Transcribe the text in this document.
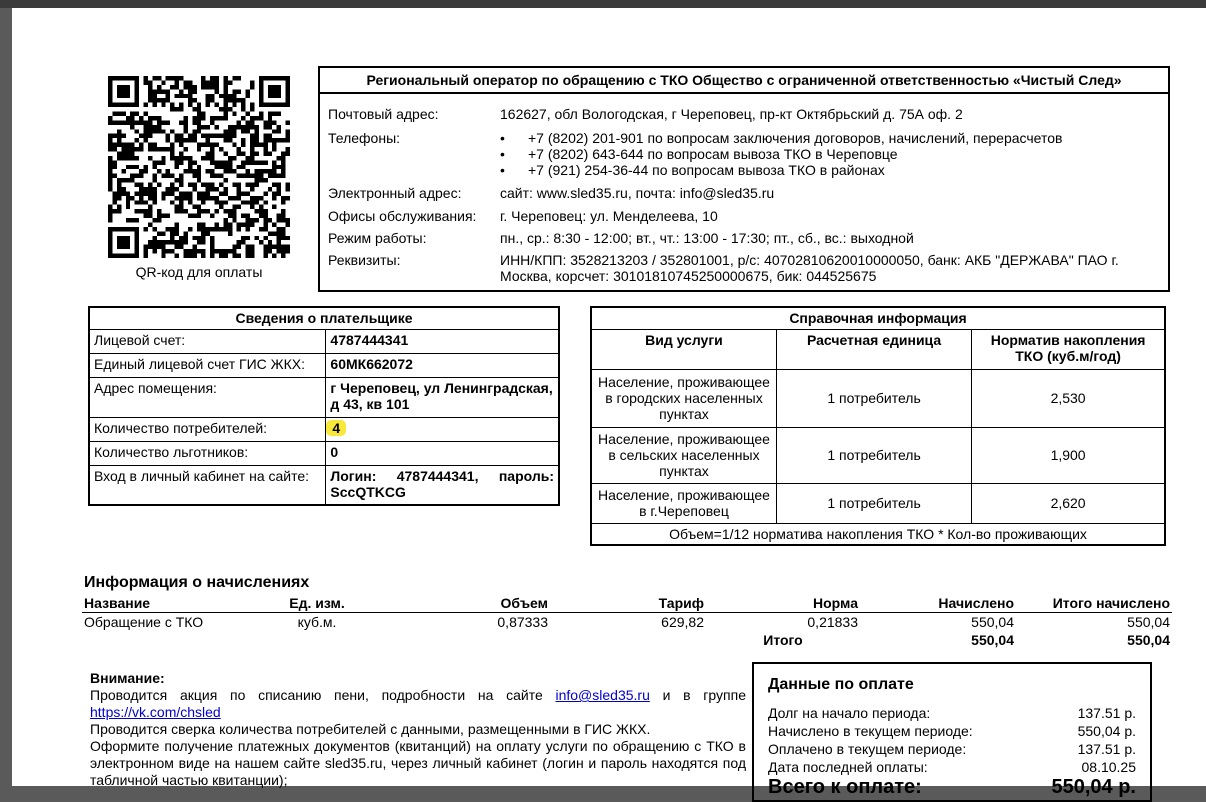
QR-код для оплаты
Региональный оператор по обращению с ТКО Общество с ограниченной ответственностью «Чистый След»
Почтовый адрес:	162627, обл Вологодская, г Череповец, пр-кт Октябрьский д. 75А оф. 2
Телефоны:	• +7 (8202) 201-901 по вопросам заключения договоров, начислений, перерасчетов
• +7 (8202) 643-644 по вопросам вывоза ТКО в Череповце
• +7 (921) 254-36-44 по вопросам вывоза ТКО в районах
Электронный адрес:	сайт: www.sled35.ru, почта: info@sled35.ru
Офисы обслуживания: г. Череповец: ул. Менделеева, 10
Режим работы:	пн., ср.: 8:30 - 12:00; вт., чт.: 13:00 - 17:30; пт., сб., вс.: выходной
Реквизиты:	ИНН/КПП: 3528213203 / 352801001, р/с: 40702810620010000050, банк: АКБ "ДЕРЖАВА" ПАО г.
Москва, корсчет: 30101810745250000675, бик: 044525675
Сведения о плательщике	
Лицевой счет:	4787444341
Единый лицевой счет ГИС ЖКХ:	60МК662072
Адрес помещения:	г Череповец, ул Ленинградская, д 43, кв 101
Количество потребителей:	4
Количество льготников:	0
Вход в личный кабинет на сайте:	Логин: 4787444341, пароль: SccQTKCG
Справочная информация		
Вид услуги	Расчетная единица	Норматив накопления ТКО (куб.м/год)
Население, проживающее в городских населенных пунктах	1 потребитель	2,530
Население, проживающее в сельских населенных пунктах	1 потребитель	1,900
Население, проживающее в г.Череповец	1 потребитель	2,620
Объем=1/12 норматива накопления ТКО * Кол-во проживающих		
Информация о начислениях
Название	Ед. изм.	Объем	Тариф	Норма	Начислено	Итого начислено
Обращение с ТКО	куб.м.	0,87333	629,82	0,21833	550,04	550,04
				Итого	550,04	550,04
Внимание:
Проводится акция по списанию пени, подробности на сайте info@sled35.ru и в группе https://vk.com/chsled
Проводится сверка количества потребителей с данными, размещенными в ГИС ЖКХ.
Оформите получение платежных документов (квитанций) на оплату услуги по обращению с ТКО в электронном виде на нашем сайте sled35.ru, через личный кабинет (логин и пароль находятся под табличной частью квитанции);
Данные по оплате
Долг на начало периода:	137.51 р.
Начислено в текущем периоде:	550,04 р.
Оплачено в текущем периоде:	137.51 р.
Дата последней оплаты:	08.10.25
Всего к оплате:	550,04 р.
